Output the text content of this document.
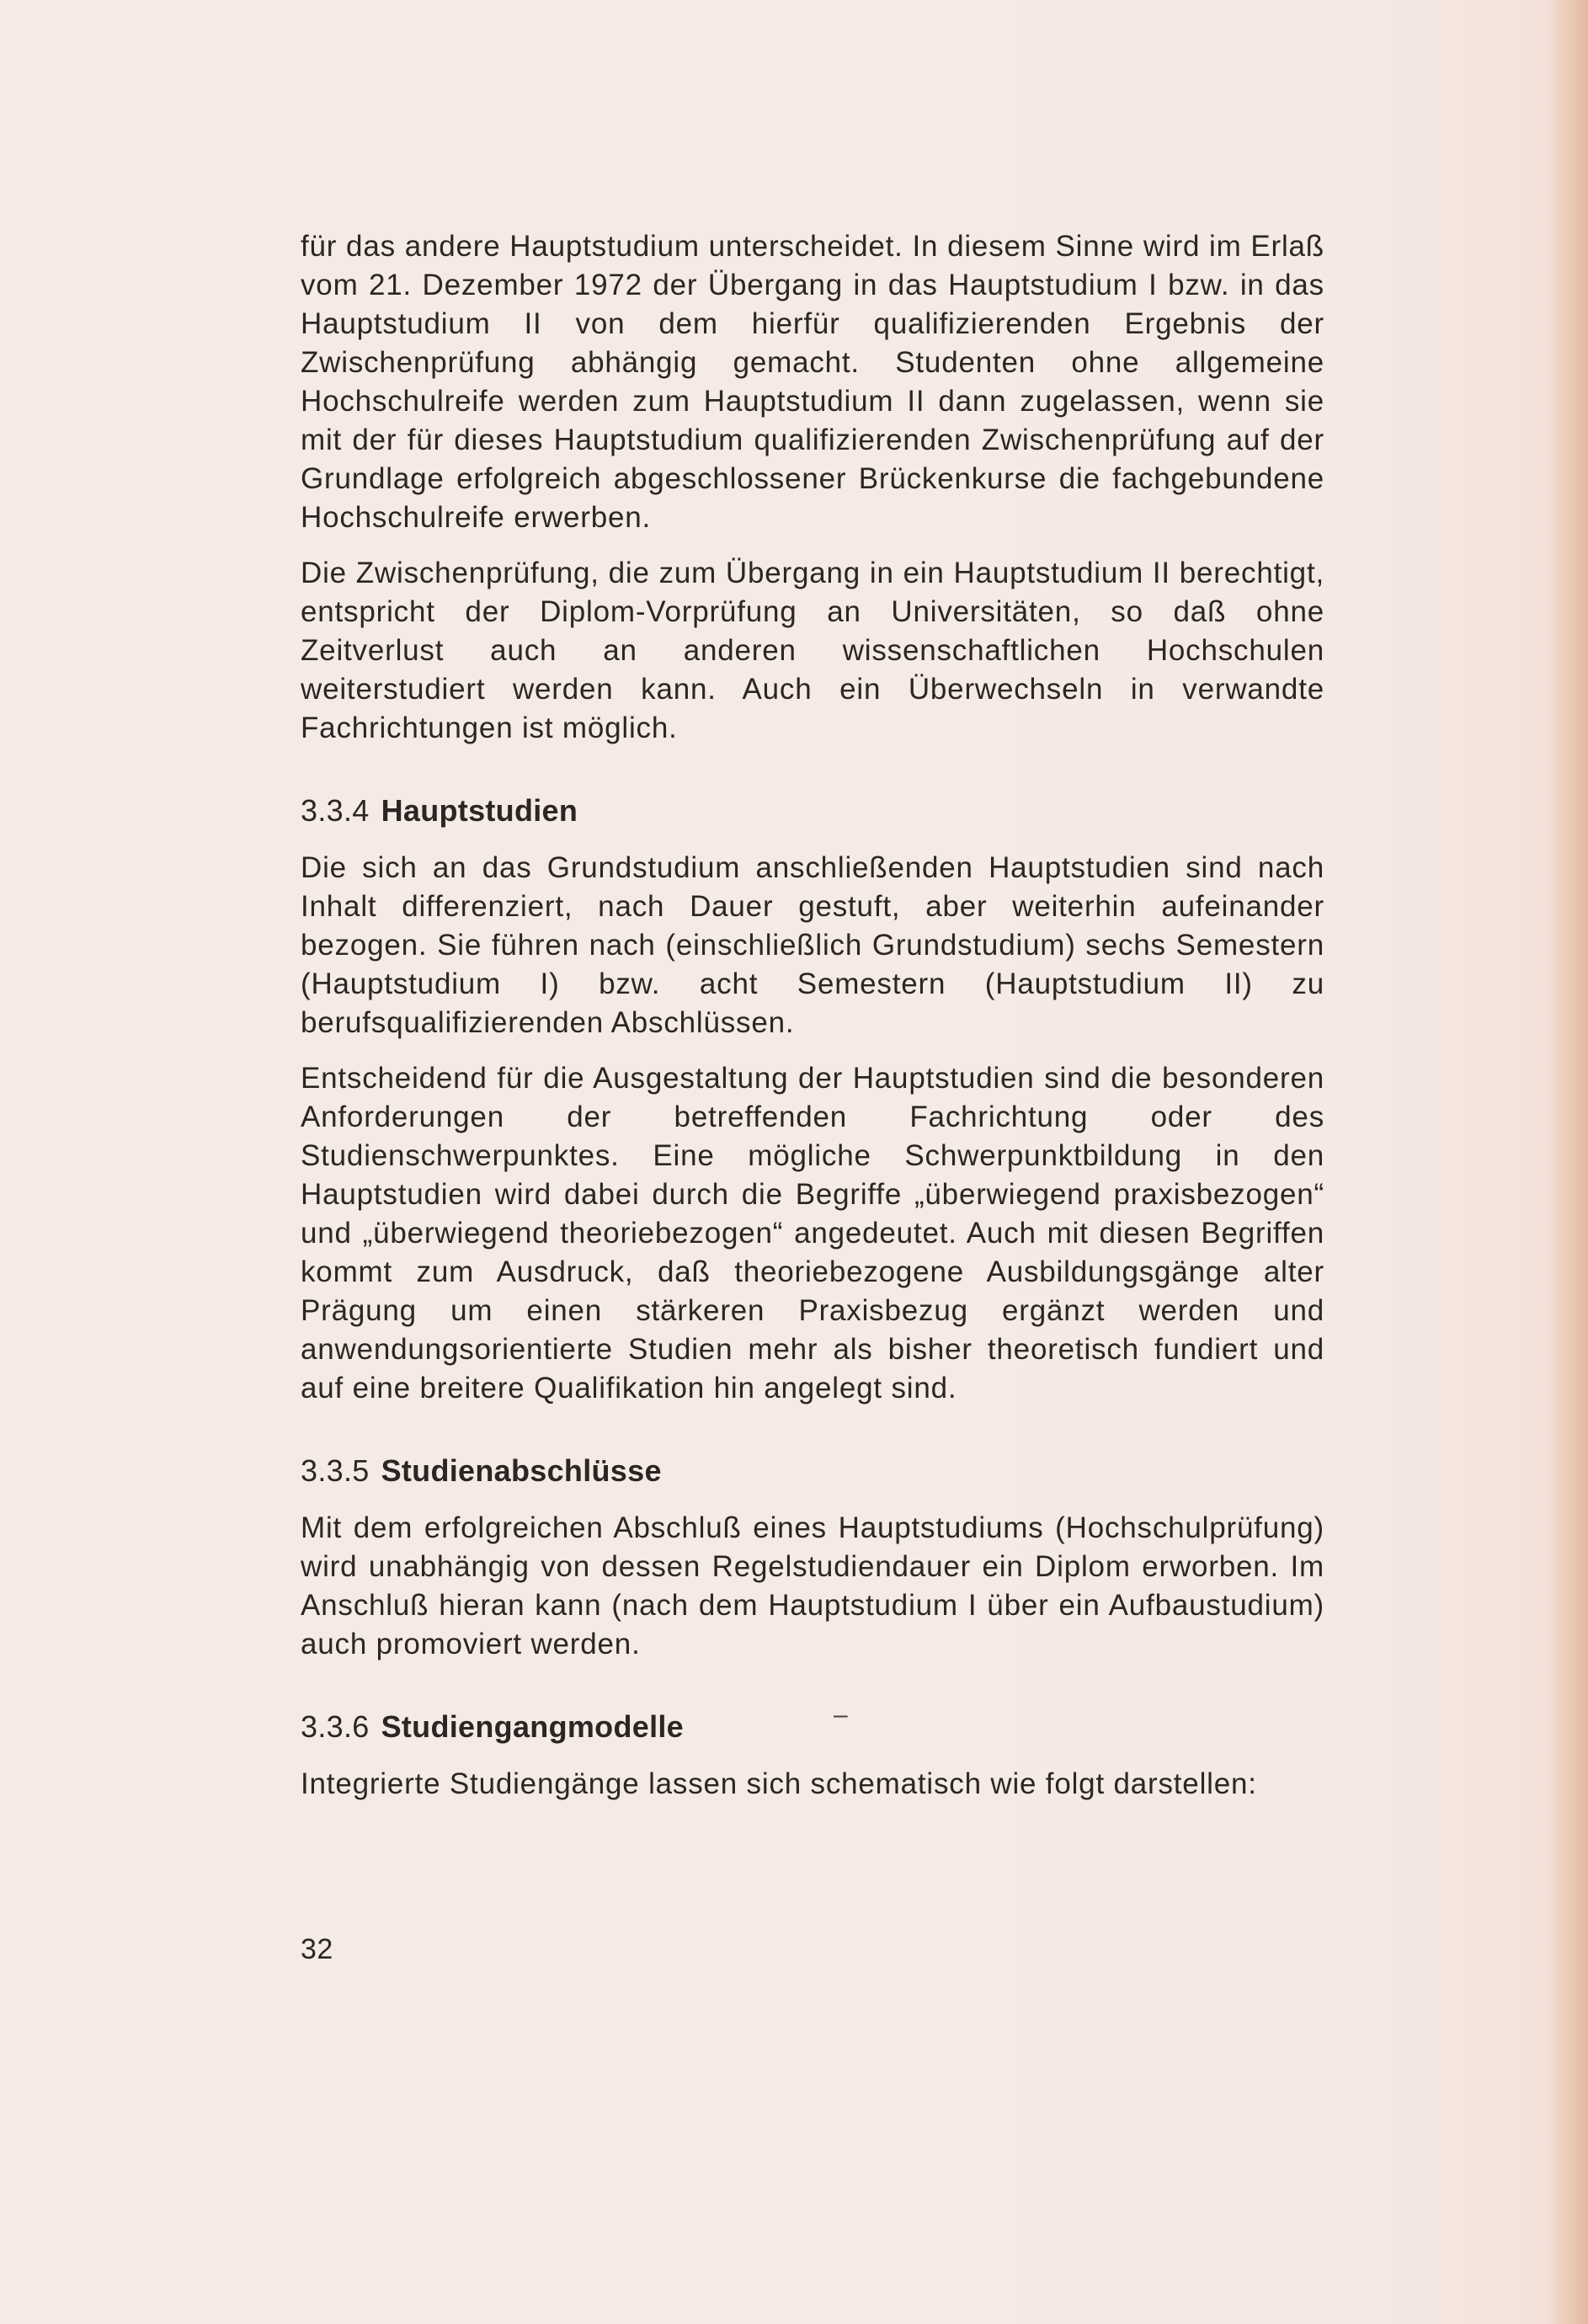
für das andere Hauptstudium unterscheidet. In diesem Sinne wird im Erlaß vom 21. Dezember 1972 der Übergang in das Hauptstudium I bzw. in das Hauptstudium II von dem hierfür qualifizierenden Ergebnis der Zwischenprüfung abhängig gemacht. Studenten ohne allgemeine Hochschulreife werden zum Hauptstudium II dann zugelassen, wenn sie mit der für dieses Hauptstudium qualifizierenden Zwischenprüfung auf der Grundlage erfolgreich abgeschlossener Brückenkurse die fachgebundene Hochschulreife erwerben.

Die Zwischenprüfung, die zum Übergang in ein Hauptstudium II berechtigt, entspricht der Diplom-Vorprüfung an Universitäten, so daß ohne Zeitverlust auch an anderen wissenschaftlichen Hochschulen weiterstudiert werden kann. Auch ein Überwechseln in verwandte Fachrichtungen ist möglich.

3.3.4 Hauptstudien

Die sich an das Grundstudium anschließenden Hauptstudien sind nach Inhalt differenziert, nach Dauer gestuft, aber weiterhin aufeinander bezogen. Sie führen nach (einschließlich Grundstudium) sechs Semestern (Hauptstudium I) bzw. acht Semestern (Hauptstudium II) zu berufsqualifizierenden Abschlüssen.

Entscheidend für die Ausgestaltung der Hauptstudien sind die besonderen Anforderungen der betreffenden Fachrichtung oder des Studienschwerpunktes. Eine mögliche Schwerpunktbildung in den Hauptstudien wird dabei durch die Begriffe „überwiegend praxisbezogen“ und „überwiegend theoriebezogen“ angedeutet. Auch mit diesen Begriffen kommt zum Ausdruck, daß theoriebezogene Ausbildungsgänge alter Prägung um einen stärkeren Praxisbezug ergänzt werden und anwendungsorientierte Studien mehr als bisher theoretisch fundiert und auf eine breitere Qualifikation hin angelegt sind.

3.3.5 Studienabschlüsse

Mit dem erfolgreichen Abschluß eines Hauptstudiums (Hochschulprüfung) wird unabhängig von dessen Regelstudiendauer ein Diplom erworben. Im Anschluß hieran kann (nach dem Hauptstudium I über ein Aufbaustudium) auch promoviert werden.

3.3.6 Studiengangmodelle

Integrierte Studiengänge lassen sich schematisch wie folgt darstellen:

–
32
